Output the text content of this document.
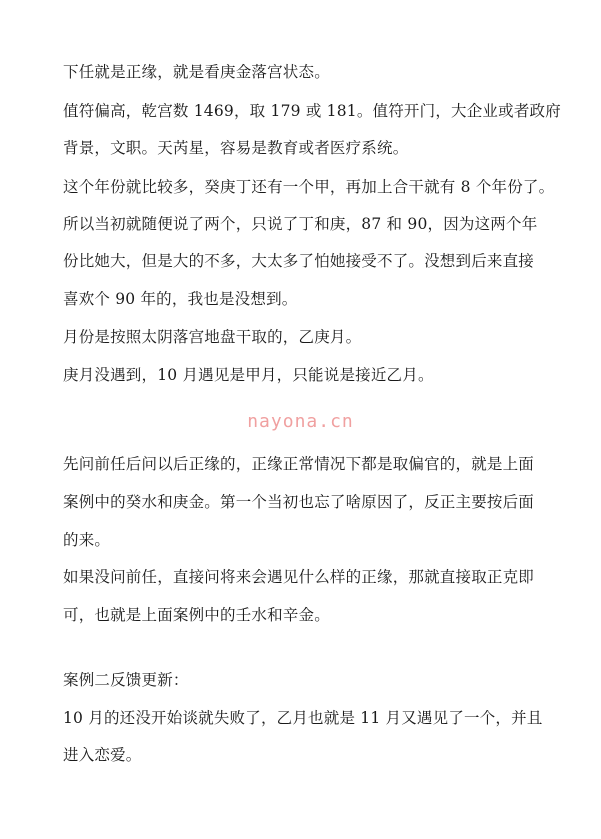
下任就是正缘，就是看庚金落宫状态。
值符偏高，乾宫数 1469，取 179 或 181。值符开门，大企业或者政府
背景，文职。天芮星，容易是教育或者医疗系统。
这个年份就比较多，癸庚丁还有一个甲，再加上合干就有 8 个年份了。
所以当初就随便说了两个，只说了丁和庚，87 和 90，因为这两个年
份比她大，但是大的不多，大太多了怕她接受不了。没想到后来直接
喜欢个 90 年的，我也是没想到。
月份是按照太阴落宫地盘干取的，乙庚月。
庚月没遇到，10 月遇见是甲月，只能说是接近乙月。
nayona.cn
先问前任后问以后正缘的，正缘正常情况下都是取偏官的，就是上面
案例中的癸水和庚金。第一个当初也忘了啥原因了，反正主要按后面
的来。
如果没问前任，直接问将来会遇见什么样的正缘，那就直接取正克即
可，也就是上面案例中的壬水和辛金。
案例二反馈更新：
10 月的还没开始谈就失败了，乙月也就是 11 月又遇见了一个，并且
进入恋爱。
